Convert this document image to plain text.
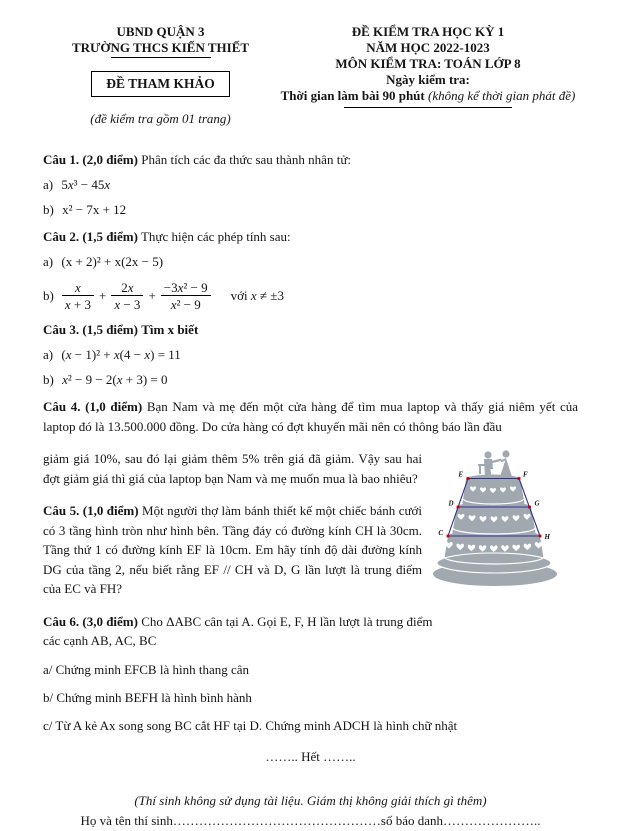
UBND QUẬN 3
TRƯỜNG THCS KIẾN THIẾT
ĐỀ THAM KHẢO
(đề kiểm tra gồm 01 trang)
ĐỀ KIỂM TRA HỌC KỲ 1
NĂM HỌC 2022-1023
MÔN KIỂM TRA: TOÁN LỚP 8
Ngày kiểm tra:
Thời gian làm bài 90 phút (không kể thời gian phát đề)
Câu 1. (2,0 điểm) Phân tích các đa thức sau thành nhân tử:
a) 5x³ − 45x
b) x² − 7x + 12
Câu 2. (1,5 điểm) Thực hiện các phép tính sau:
a) (x + 2)² + x(2x − 5)
$b) \frac{x}{x + 3} + \frac{2x}{x - 3} + \frac{\text{−3x² − 9}}{\text{x² − 9}}$ với x ≠ ±3
Câu 3. (1,5 điểm) Tìm x biết
a) (x − 1)² + x(4 − x) = 11
b) x² − 9 − 2(x + 3) = 0

Câu 4. (1,0 điểm) Bạn Nam và mẹ đến một cửa hàng để tìm mua laptop và thấy giá niêm yết của laptop đó là 13.500.000 đồng. Do cửa hàng có đợt khuyến mãi nên có thông báo lần đầu

E	F
D	G
C	H

giảm giá 10%, sau đó lại giảm thêm 5% trên giá đã giảm. Vậy sau hai đợt giảm giá thì giá của laptop bạn Nam và mẹ muốn mua là bao nhiêu?

Câu 5. (1,0 điểm) Một người thợ làm bánh thiết kế một chiếc bánh cưới có 3 tầng hình tròn như hình bên. Tầng đáy có đường kính CH là 30cm. Tầng thứ 1 có đường kính EF là 10cm. Em hãy tính độ dài đường kính DG của tầng 2, nếu biết rằng EF // CH và D, G lần lượt là trung điểm của EC và FH?

Câu 6. (3,0 điểm) Cho ΔABC cân tại A. Gọi E, F, H lần lượt là trung điểm các cạnh AB, AC, BC
a/ Chứng minh EFCB là hình thang cân
b/ Chứng minh BEFH là hình bình hành
c/ Từ A kẻ Ax song song BC cắt HF tại D. Chứng minh ADCH là hình chữ nhật
…….. Hết ……..
(Thí sinh không sử dụng tài liệu. Giám thị không giải thích gì thêm)
Họ và tên thí sinh…………………………………………số báo danh…………………..
